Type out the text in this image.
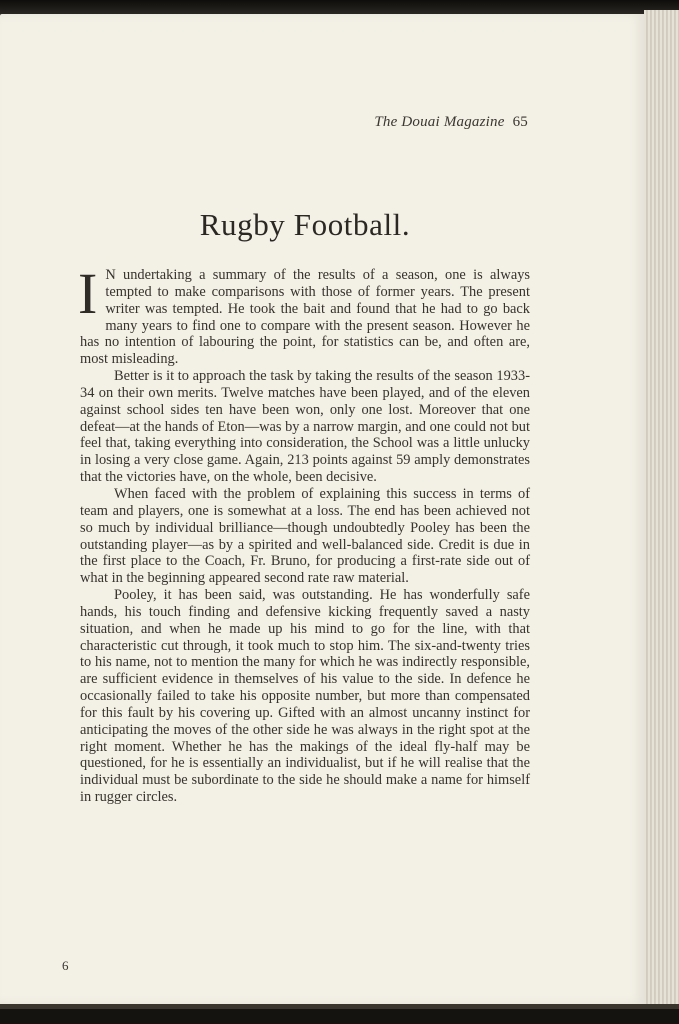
The Douai Magazine 65
Rugby Football.

I N undertaking a summary of the results of a season, one is always tempted to make comparisons with those of former years. The present writer was tempted. He took the bait and found that he had to go back many years to find one to compare with the present season. However he has no intention of labouring the point, for statistics can be, and often are, most misleading.

Better is it to approach the task by taking the results of the season 1933-34 on their own merits. Twelve matches have been played, and of the eleven against school sides ten have been won, only one lost. Moreover that one defeat—at the hands of Eton—was by a narrow margin, and one could not but feel that, taking everything into consideration, the School was a little unlucky in losing a very close game. Again, 213 points against 59 amply demonstrates that the victories have, on the whole, been decisive.

When faced with the problem of explaining this success in terms of team and players, one is somewhat at a loss. The end has been achieved not so much by individual brilliance—though undoubtedly Pooley has been the outstanding player—as by a spirited and well-balanced side. Credit is due in the first place to the Coach, Fr. Bruno, for producing a first-rate side out of what in the beginning appeared second rate raw material.

Pooley, it has been said, was outstanding. He has wonderfully safe hands, his touch finding and defensive kicking frequently saved a nasty situation, and when he made up his mind to go for the line, with that characteristic cut through, it took much to stop him. The six-and-twenty tries to his name, not to mention the many for which he was indirectly responsible, are sufficient evidence in themselves of his value to the side. In defence he occasionally failed to take his opposite number, but more than compensated for this fault by his covering up. Gifted with an almost uncanny instinct for anticipating the moves of the other side he was always in the right spot at the right moment. Whether he has the makings of the ideal fly-half may be questioned, for he is essentially an individualist, but if he will realise that the individual must be subordinate to the side he should make a name for himself in rugger circles.

6
